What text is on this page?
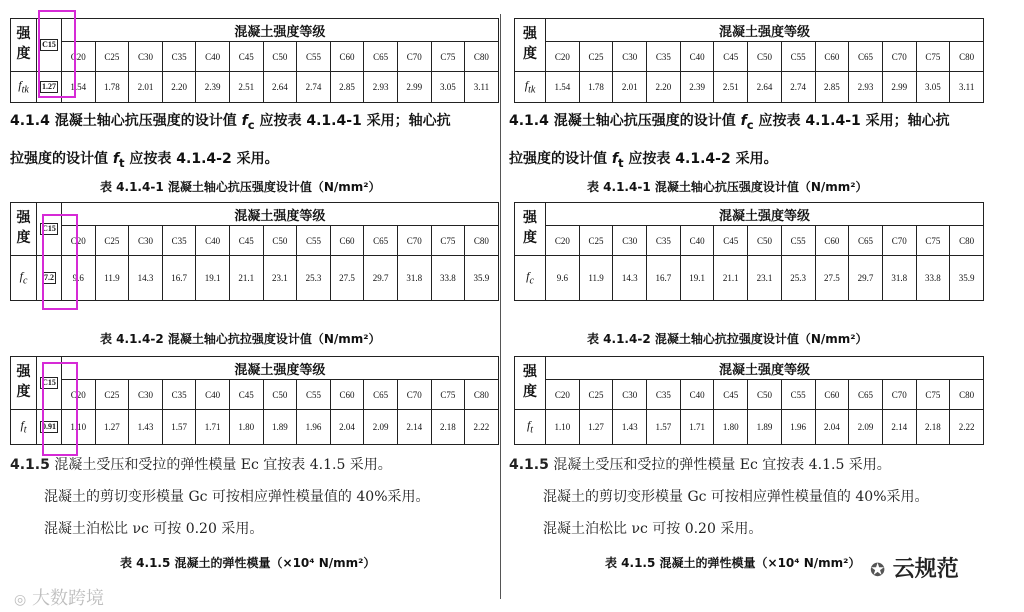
强
度	C15	混凝土强度等级												
		C20	C25	C30	C35	C40	C45	C50	C55	C60	C65	C70	C75	C80
$f_{tk}$	1.27	1.54	1.78	2.01	2.20	2.39	2.51	2.64	2.74	2.85	2.93	2.99	3.05	3.11
4.1.4 混凝土轴心抗压强度的设计值 $f_c$ 应按表 4.1.4-1 采用；轴心抗
拉强度的设计值 $f_t$ 应按表 4.1.4-2 采用。
表 4.1.4-1 混凝土轴心抗压强度设计值（N/mm²）
强
度	C15	混凝土强度等级												
		C20	C25	C30	C35	C40	C45	C50	C55	C60	C65	C70	C75	C80
$f_c$	7.2	9.6	11.9	14.3	16.7	19.1	21.1	23.1	25.3	27.5	29.7	31.8	33.8	35.9
表 4.1.4-2 混凝土轴心抗拉强度设计值（N/mm²）
强
度	C15	混凝土强度等级												
		C20	C25	C30	C35	C40	C45	C50	C55	C60	C65	C70	C75	C80
$f_t$	0.91	1.10	1.27	1.43	1.57	1.71	1.80	1.89	1.96	2.04	2.09	2.14	2.18	2.22
4.1.5 混凝土受压和受拉的弹性模量 Ec 宜按表 4.1.5 采用。
混凝土的剪切变形模量 Gc 可按相应弹性模量值的 40%采用。
混凝土泊松比 νc 可按 0.20 采用。
表 4.1.5 混凝土的弹性模量（×10⁴ N/mm²）
强
度	混凝土强度等级												
	C20	C25	C30	C35	C40	C45	C50	C55	C60	C65	C70	C75	C80
$f_{tk}$	1.54	1.78	2.01	2.20	2.39	2.51	2.64	2.74	2.85	2.93	2.99	3.05	3.11
4.1.4 混凝土轴心抗压强度的设计值 $f_c$ 应按表 4.1.4-1 采用；轴心抗
拉强度的设计值 $f_t$ 应按表 4.1.4-2 采用。
表 4.1.4-1 混凝土轴心抗压强度设计值（N/mm²）
强
度	混凝土强度等级												
	C20	C25	C30	C35	C40	C45	C50	C55	C60	C65	C70	C75	C80
$f_c$	9.6	11.9	14.3	16.7	19.1	21.1	23.1	25.3	27.5	29.7	31.8	33.8	35.9
表 4.1.4-2 混凝土轴心抗拉强度设计值（N/mm²）
强
度	混凝土强度等级												
	C20	C25	C30	C35	C40	C45	C50	C55	C60	C65	C70	C75	C80
$f_t$	1.10	1.27	1.43	1.57	1.71	1.80	1.89	1.96	2.04	2.09	2.14	2.18	2.22
4.1.5 混凝土受压和受拉的弹性模量 Ec 宜按表 4.1.5 采用。
混凝土的剪切变形模量 Gc 可按相应弹性模量值的 40%采用。
混凝土泊松比 νc 可按 0.20 采用。
表 4.1.5 混凝土的弹性模量（×10⁴ N/mm²）
◎ 大数跨境
✪ 云规范
